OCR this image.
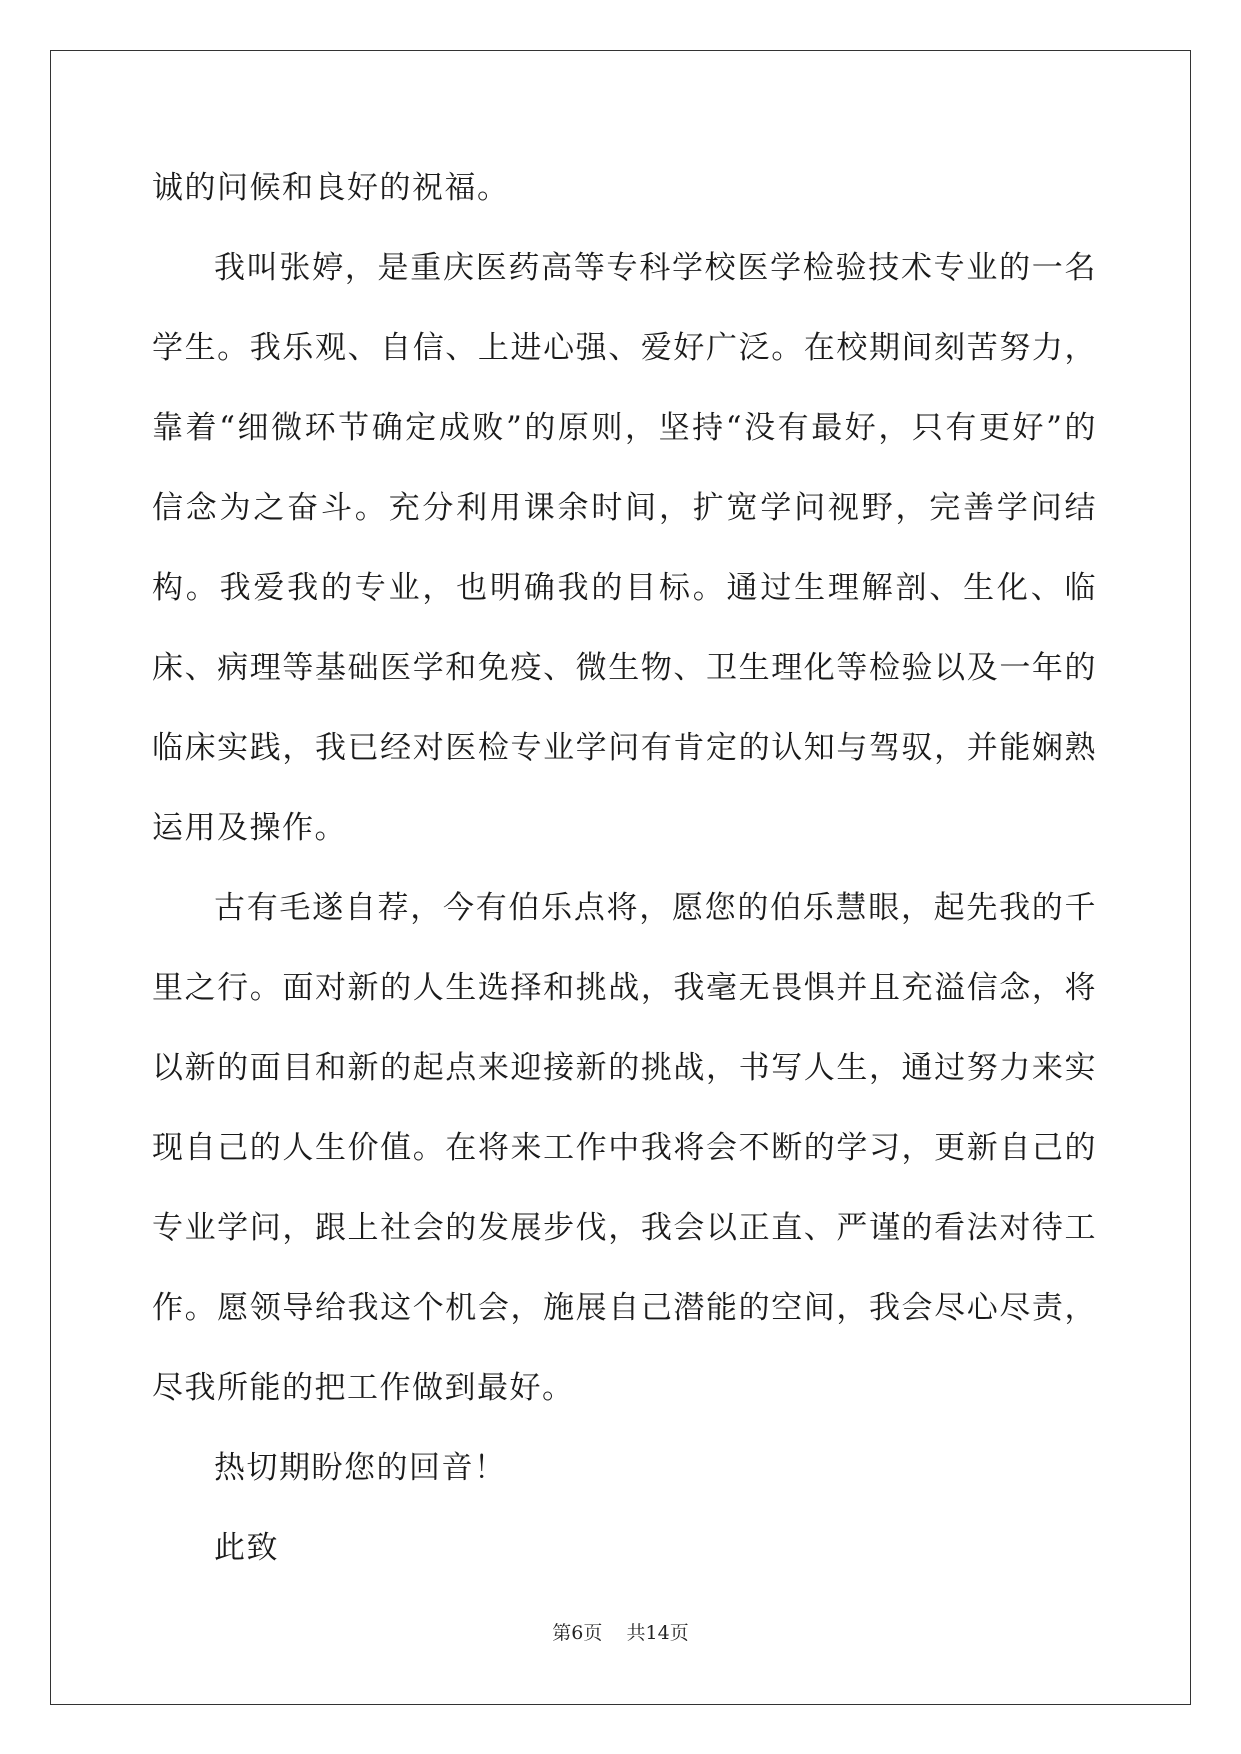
诚的问候和良好的祝福。

我叫张婷，是重庆医药高等专科学校医学检验技术专业的一名学生。我乐观、自信、上进心强、爱好广泛。在校期间刻苦努力，靠着“细微环节确定成败”的原则，坚持“没有最好，只有更好”的信念为之奋斗。充分利用课余时间，扩宽学问视野，完善学问结构。我爱我的专业，也明确我的目标。通过生理解剖、生化、临床、病理等基础医学和免疫、微生物、卫生理化等检验以及一年的临床实践，我已经对医检专业学问有肯定的认知与驾驭，并能娴熟运用及操作。

古有毛遂自荐，今有伯乐点将，愿您的伯乐慧眼，起先我的千里之行。面对新的人生选择和挑战，我毫无畏惧并且充溢信念，将以新的面目和新的起点来迎接新的挑战，书写人生，通过努力来实现自己的人生价值。在将来工作中我将会不断的学习，更新自己的专业学问，跟上社会的发展步伐，我会以正直、严谨的看法对待工作。愿领导给我这个机会，施展自己潜能的空间，我会尽心尽责，尽我所能的把工作做到最好。

热切期盼您的回音！

此致

第6页    共14页
